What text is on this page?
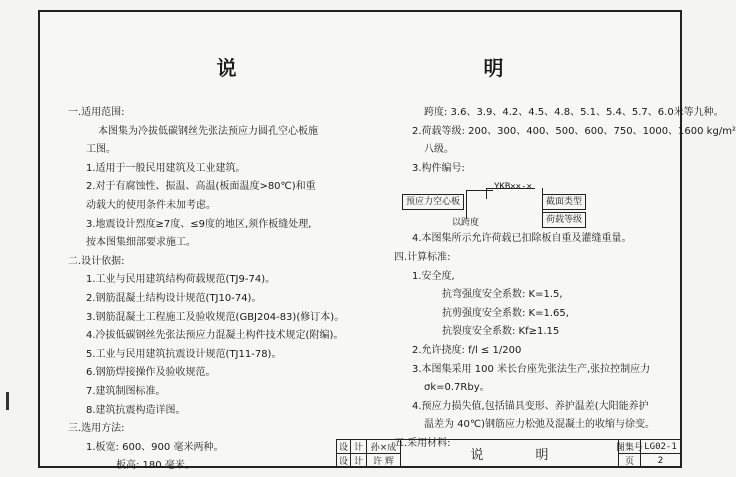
说 明
一.适用范围:
本图集为冷拔低碳钢丝先张法预应力圆孔空心板施
工图。
1.适用于一般民用建筑及工业建筑。
2.对于有腐蚀性、振温、高温(板面温度>80℃)和重
动载大的使用条件未加考虑。
3.地震设计烈度≥7度、≤9度的地区,须作板缝处理,
按本图集细部要求施工。
二.设计依据:
1.工业与民用建筑结构荷载规范(TJ9-74)。
2.钢筋混凝土结构设计规范(TJ10-74)。
3.钢筋混凝土工程施工及验收规范(GBJ204-83)(修订本)。
4.冷拔低碳钢丝先张法预应力混凝土构件技术规定(附编)。
5.工业与民用建筑抗震设计规范(TJ11-78)。
6.钢筋焊接操作及验收规范。
7.建筑制图标准。
8.建筑抗震构造详图。
三.选用方法:
1.板宽: 600、900 毫米两种。
板高: 180 毫米。
跨度: 3.6、3.9、4.2、4.5、4.8、5.1、5.4、5.7、6.0米等九种。
2.荷载等级: 200、300、400、500、600、750、1000、1600 kg/m²
八级。
3.构件编号:
YKB××-×
预应力空心板
以跨度
截面类型
荷载等级
4.本图集所示允许荷载已扣除板自重及灌缝重量。
四.计算标准:
1.安全度,
抗弯强度安全系数: K=1.5,
抗剪强度安全系数: K=1.65,
抗裂度安全系数: Kf≥1.15
2.允许挠度: f/l ≤ 1/200
3.本图集采用 100 米长台座先张法生产,张拉控制应力
σk=0.7Rby。
4.预应力损失值,包括锚具变形、养护温差(大阳能养护
温差为 40℃)钢筋应力松弛及混凝土的收缩与徐变。
五.采用材料:
设 计 孙×成
设 计	许 辉	说 明	图集号 LG02-1
页	2
